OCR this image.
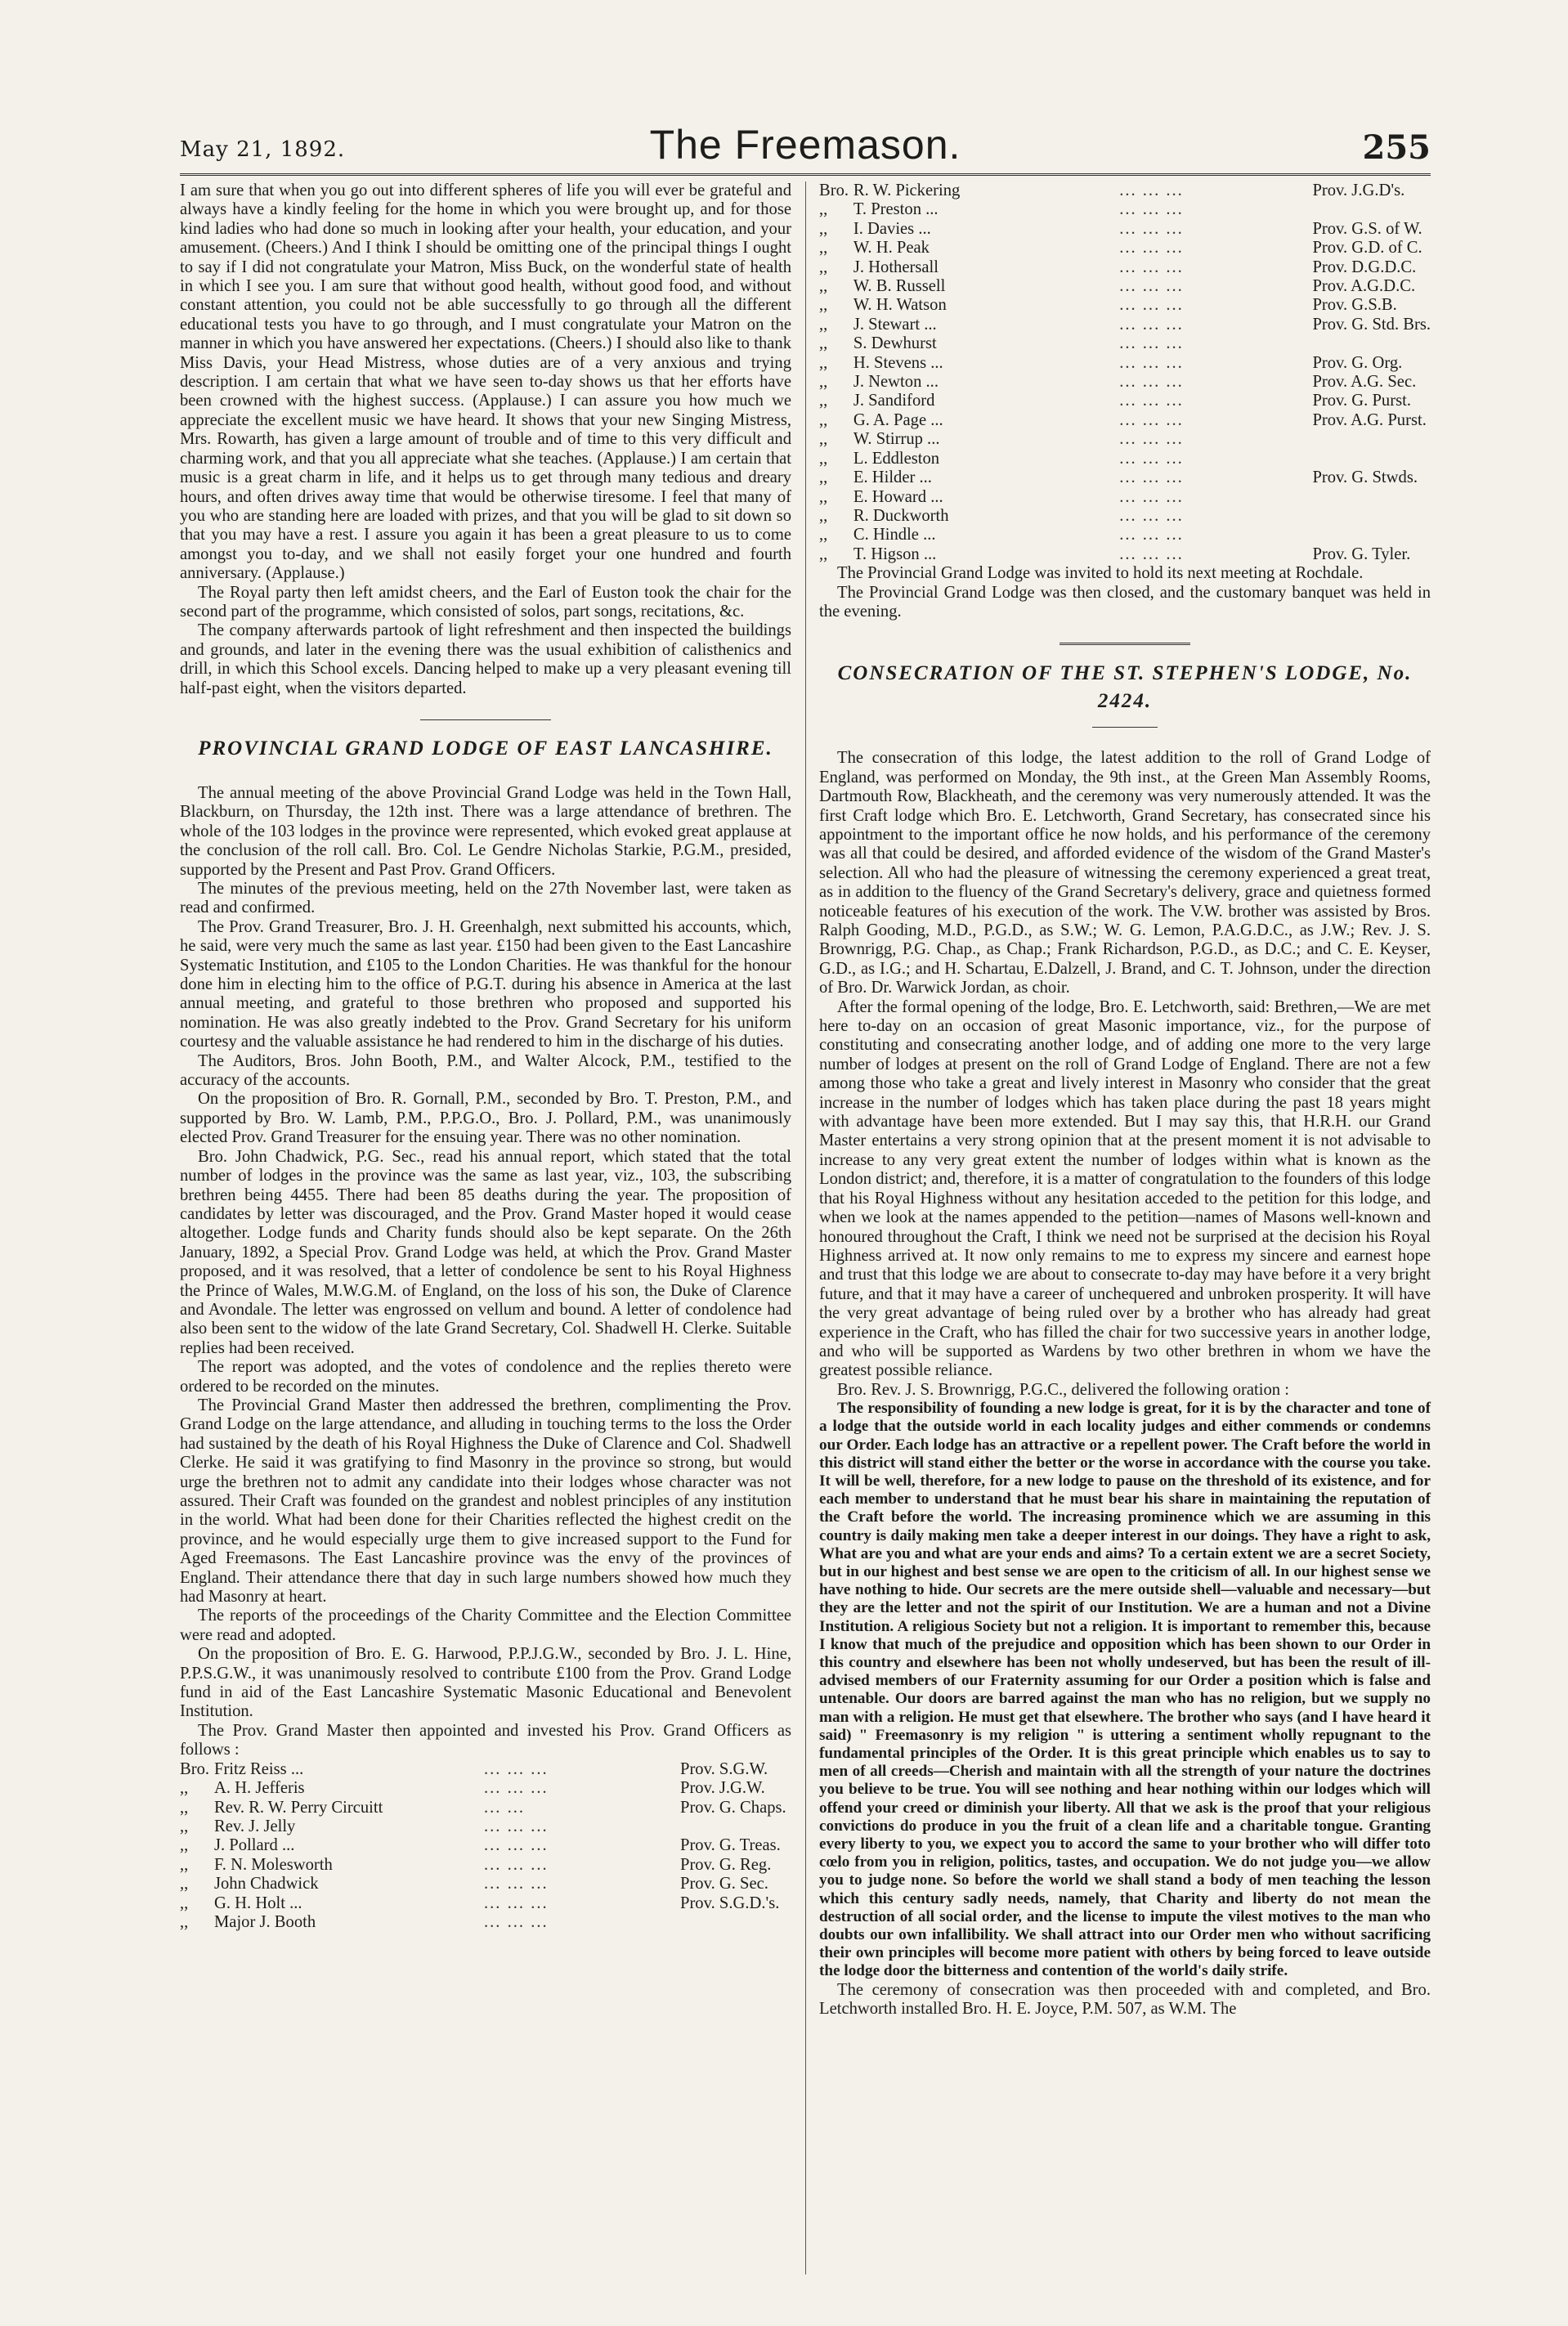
May 21, 1892.	The Freemason.	255

I am sure that when you go out into different spheres of life you will ever be grateful and always have a kindly feeling for the home in which you were brought up, and for those kind ladies who had done so much in looking after your health, your education, and your amusement. (Cheers.) And I think I should be omitting one of the principal things I ought to say if I did not congratulate your Matron, Miss Buck, on the wonderful state of health in which I see you. I am sure that without good health, without good food, and without constant attention, you could not be able successfully to go through all the different educational tests you have to go through, and I must congratulate your Matron on the manner in which you have answered her expectations. (Cheers.) I should also like to thank Miss Davis, your Head Mistress, whose duties are of a very anxious and trying description. I am certain that what we have seen to-day shows us that her efforts have been crowned with the highest success. (Applause.) I can assure you how much we appreciate the excellent music we have heard. It shows that your new Singing Mistress, Mrs. Rowarth, has given a large amount of trouble and of time to this very difficult and charming work, and that you all appreciate what she teaches. (Applause.) I am certain that music is a great charm in life, and it helps us to get through many tedious and dreary hours, and often drives away time that would be otherwise tiresome. I feel that many of you who are standing here are loaded with prizes, and that you will be glad to sit down so that you may have a rest. I assure you again it has been a great pleasure to us to come amongst you to-day, and we shall not easily forget your one hundred and fourth anniversary. (Applause.)

The Royal party then left amidst cheers, and the Earl of Euston took the chair for the second part of the programme, which consisted of solos, part songs, recitations, &c.

The company afterwards partook of light refreshment and then inspected the buildings and grounds, and later in the evening there was the usual exhibition of calisthenics and drill, in which this School excels. Dancing helped to make up a very pleasant evening till half-past eight, when the visitors departed.

PROVINCIAL GRAND LODGE OF EAST LANCASHIRE.

The annual meeting of the above Provincial Grand Lodge was held in the Town Hall, Blackburn, on Thursday, the 12th inst. There was a large attendance of brethren. The whole of the 103 lodges in the province were represented, which evoked great applause at the conclusion of the roll call. Bro. Col. Le Gendre Nicholas Starkie, P.G.M., presided, supported by the Present and Past Prov. Grand Officers.

The minutes of the previous meeting, held on the 27th November last, were taken as read and confirmed.

The Prov. Grand Treasurer, Bro. J. H. Greenhalgh, next submitted his accounts, which, he said, were very much the same as last year. £150 had been given to the East Lancashire Systematic Institution, and £105 to the London Charities. He was thankful for the honour done him in electing him to the office of P.G.T. during his absence in America at the last annual meeting, and grateful to those brethren who proposed and supported his nomination. He was also greatly indebted to the Prov. Grand Secretary for his uniform courtesy and the valuable assistance he had rendered to him in the discharge of his duties.

The Auditors, Bros. John Booth, P.M., and Walter Alcock, P.M., testified to the accuracy of the accounts.

On the proposition of Bro. R. Gornall, P.M., seconded by Bro. T. Preston, P.M., and supported by Bro. W. Lamb, P.M., P.P.G.O., Bro. J. Pollard, P.M., was unanimously elected Prov. Grand Treasurer for the ensuing year. There was no other nomination.

Bro. John Chadwick, P.G. Sec., read his annual report, which stated that the total number of lodges in the province was the same as last year, viz., 103, the subscribing brethren being 4455. There had been 85 deaths during the year. The proposition of candidates by letter was discouraged, and the Prov. Grand Master hoped it would cease altogether. Lodge funds and Charity funds should also be kept separate. On the 26th January, 1892, a Special Prov. Grand Lodge was held, at which the Prov. Grand Master proposed, and it was resolved, that a letter of condolence be sent to his Royal Highness the Prince of Wales, M.W.G.M. of England, on the loss of his son, the Duke of Clarence and Avondale. The letter was engrossed on vellum and bound. A letter of condolence had also been sent to the widow of the late Grand Secretary, Col. Shadwell H. Clerke. Suitable replies had been received.

The report was adopted, and the votes of condolence and the replies thereto were ordered to be recorded on the minutes.

The Provincial Grand Master then addressed the brethren, complimenting the Prov. Grand Lodge on the large attendance, and alluding in touching terms to the loss the Order had sustained by the death of his Royal Highness the Duke of Clarence and Col. Shadwell Clerke. He said it was gratifying to find Masonry in the province so strong, but would urge the brethren not to admit any candidate into their lodges whose character was not assured. Their Craft was founded on the grandest and noblest principles of any institution in the world. What had been done for their Charities reflected the highest credit on the province, and he would especially urge them to give increased support to the Fund for Aged Freemasons. The East Lancashire province was the envy of the provinces of England. Their attendance there that day in such large numbers showed how much they had Masonry at heart.

The reports of the proceedings of the Charity Committee and the Election Committee were read and adopted.

On the proposition of Bro. E. G. Harwood, P.P.J.G.W., seconded by Bro. J. L. Hine, P.P.S.G.W., it was unanimously resolved to contribute £100 from the Prov. Grand Lodge fund in aid of the East Lancashire Systematic Masonic Educational and Benevolent Institution.

The Prov. Grand Master then appointed and invested his Prov. Grand Officers as follows :

Bro.	Fritz Reiss ...	... ... ...	Prov. S.G.W.
,,	A. H. Jefferis	... ... ...	Prov. J.G.W.
,,	Rev. R. W. Perry Circuitt	... ...	Prov. G. Chaps.
,,	Rev. J. Jelly	... ... ...	
,,	J. Pollard ...	... ... ...	Prov. G. Treas.
,,	F. N. Molesworth	... ... ...	Prov. G. Reg.
,,	John Chadwick	... ... ...	Prov. G. Sec.
,,	G. H. Holt ...	... ... ...	Prov. S.G.D.'s.
,,	Major J. Booth	... ... ...	
Bro.	R. W. Pickering	... ... ...	Prov. J.G.D's.
,,	T. Preston ...	... ... ...	
,,	I. Davies ...	... ... ...	Prov. G.S. of W.
,,	W. H. Peak	... ... ...	Prov. G.D. of C.
,,	J. Hothersall	... ... ...	Prov. D.G.D.C.
,,	W. B. Russell	... ... ...	Prov. A.G.D.C.
,,	W. H. Watson	... ... ...	Prov. G.S.B.
,,	J. Stewart ...	... ... ...	Prov. G. Std. Brs.
,,	S. Dewhurst	... ... ...	
,,	H. Stevens ...	... ... ...	Prov. G. Org.
,,	J. Newton ...	... ... ...	Prov. A.G. Sec.
,,	J. Sandiford	... ... ...	Prov. G. Purst.
,,	G. A. Page ...	... ... ...	Prov. A.G. Purst.
,,	W. Stirrup ...	... ... ...	
,,	L. Eddleston	... ... ...	
,,	E. Hilder ...	... ... ...	Prov. G. Stwds.
,,	E. Howard ...	... ... ...	
,,	R. Duckworth	... ... ...	
,,	C. Hindle ...	... ... ...	
,,	T. Higson ...	... ... ...	Prov. G. Tyler.

The Provincial Grand Lodge was invited to hold its next meeting at Rochdale.

The Provincial Grand Lodge was then closed, and the customary banquet was held in the evening.

CONSECRATION OF THE ST. STEPHEN'S LODGE, No. 2424.

The consecration of this lodge, the latest addition to the roll of Grand Lodge of England, was performed on Monday, the 9th inst., at the Green Man Assembly Rooms, Dartmouth Row, Blackheath, and the ceremony was very numerously attended. It was the first Craft lodge which Bro. E. Letchworth, Grand Secretary, has consecrated since his appointment to the important office he now holds, and his performance of the ceremony was all that could be desired, and afforded evidence of the wisdom of the Grand Master's selection. All who had the pleasure of witnessing the ceremony experienced a great treat, as in addition to the fluency of the Grand Secretary's delivery, grace and quietness formed noticeable features of his execution of the work. The V.W. brother was assisted by Bros. Ralph Gooding, M.D., P.G.D., as S.W.; W. G. Lemon, P.A.G.D.C., as J.W.; Rev. J. S. Brownrigg, P.G. Chap., as Chap.; Frank Richardson, P.G.D., as D.C.; and C. E. Keyser, G.D., as I.G.; and H. Schartau, E.Dalzell, J. Brand, and C. T. Johnson, under the direction of Bro. Dr. Warwick Jordan, as choir.

After the formal opening of the lodge, Bro. E. Letchworth, said: Brethren,—We are met here to-day on an occasion of great Masonic importance, viz., for the purpose of constituting and consecrating another lodge, and of adding one more to the very large number of lodges at present on the roll of Grand Lodge of England. There are not a few among those who take a great and lively interest in Masonry who consider that the great increase in the number of lodges which has taken place during the past 18 years might with advantage have been more extended. But I may say this, that H.R.H. our Grand Master entertains a very strong opinion that at the present moment it is not advisable to increase to any very great extent the number of lodges within what is known as the London district; and, therefore, it is a matter of congratulation to the founders of this lodge that his Royal Highness without any hesitation acceded to the petition for this lodge, and when we look at the names appended to the petition—names of Masons well-known and honoured throughout the Craft, I think we need not be surprised at the decision his Royal Highness arrived at. It now only remains to me to express my sincere and earnest hope and trust that this lodge we are about to consecrate to-day may have before it a very bright future, and that it may have a career of unchequered and unbroken prosperity. It will have the very great advantage of being ruled over by a brother who has already had great experience in the Craft, who has filled the chair for two successive years in another lodge, and who will be supported as Wardens by two other brethren in whom we have the greatest possible reliance.

Bro. Rev. J. S. Brownrigg, P.G.C., delivered the following oration :

The responsibility of founding a new lodge is great, for it is by the character and tone of a lodge that the outside world in each locality judges and either commends or condemns our Order. Each lodge has an attractive or a repellent power. The Craft before the world in this district will stand either the better or the worse in accordance with the course you take. It will be well, therefore, for a new lodge to pause on the threshold of its existence, and for each member to understand that he must bear his share in maintaining the reputation of the Craft before the world. The increasing prominence which we are assuming in this country is daily making men take a deeper interest in our doings. They have a right to ask, What are you and what are your ends and aims? To a certain extent we are a secret Society, but in our highest and best sense we are open to the criticism of all. In our highest sense we have nothing to hide. Our secrets are the mere outside shell—valuable and necessary—but they are the letter and not the spirit of our Institution. We are a human and not a Divine Institution. A religious Society but not a religion. It is important to remember this, because I know that much of the prejudice and opposition which has been shown to our Order in this country and elsewhere has been not wholly undeserved, but has been the result of ill-advised members of our Fraternity assuming for our Order a position which is false and untenable. Our doors are barred against the man who has no religion, but we supply no man with a religion. He must get that elsewhere. The brother who says (and I have heard it said) " Freemasonry is my religion " is uttering a sentiment wholly repugnant to the fundamental principles of the Order. It is this great principle which enables us to say to men of all creeds—Cherish and maintain with all the strength of your nature the doctrines you believe to be true. You will see nothing and hear nothing within our lodges which will offend your creed or diminish your liberty. All that we ask is the proof that your religious convictions do produce in you the fruit of a clean life and a charitable tongue. Granting every liberty to you, we expect you to accord the same to your brother who will differ toto cœlo from you in religion, politics, tastes, and occupation. We do not judge you—we allow you to judge none. So before the world we shall stand a body of men teaching the lesson which this century sadly needs, namely, that Charity and liberty do not mean the destruction of all social order, and the license to impute the vilest motives to the man who doubts our own infallibility. We shall attract into our Order men who without sacrificing their own principles will become more patient with others by being forced to leave outside the lodge door the bitterness and contention of the world's daily strife.

The ceremony of consecration was then proceeded with and completed, and Bro. Letchworth installed Bro. H. E. Joyce, P.M. 507, as W.M. The
